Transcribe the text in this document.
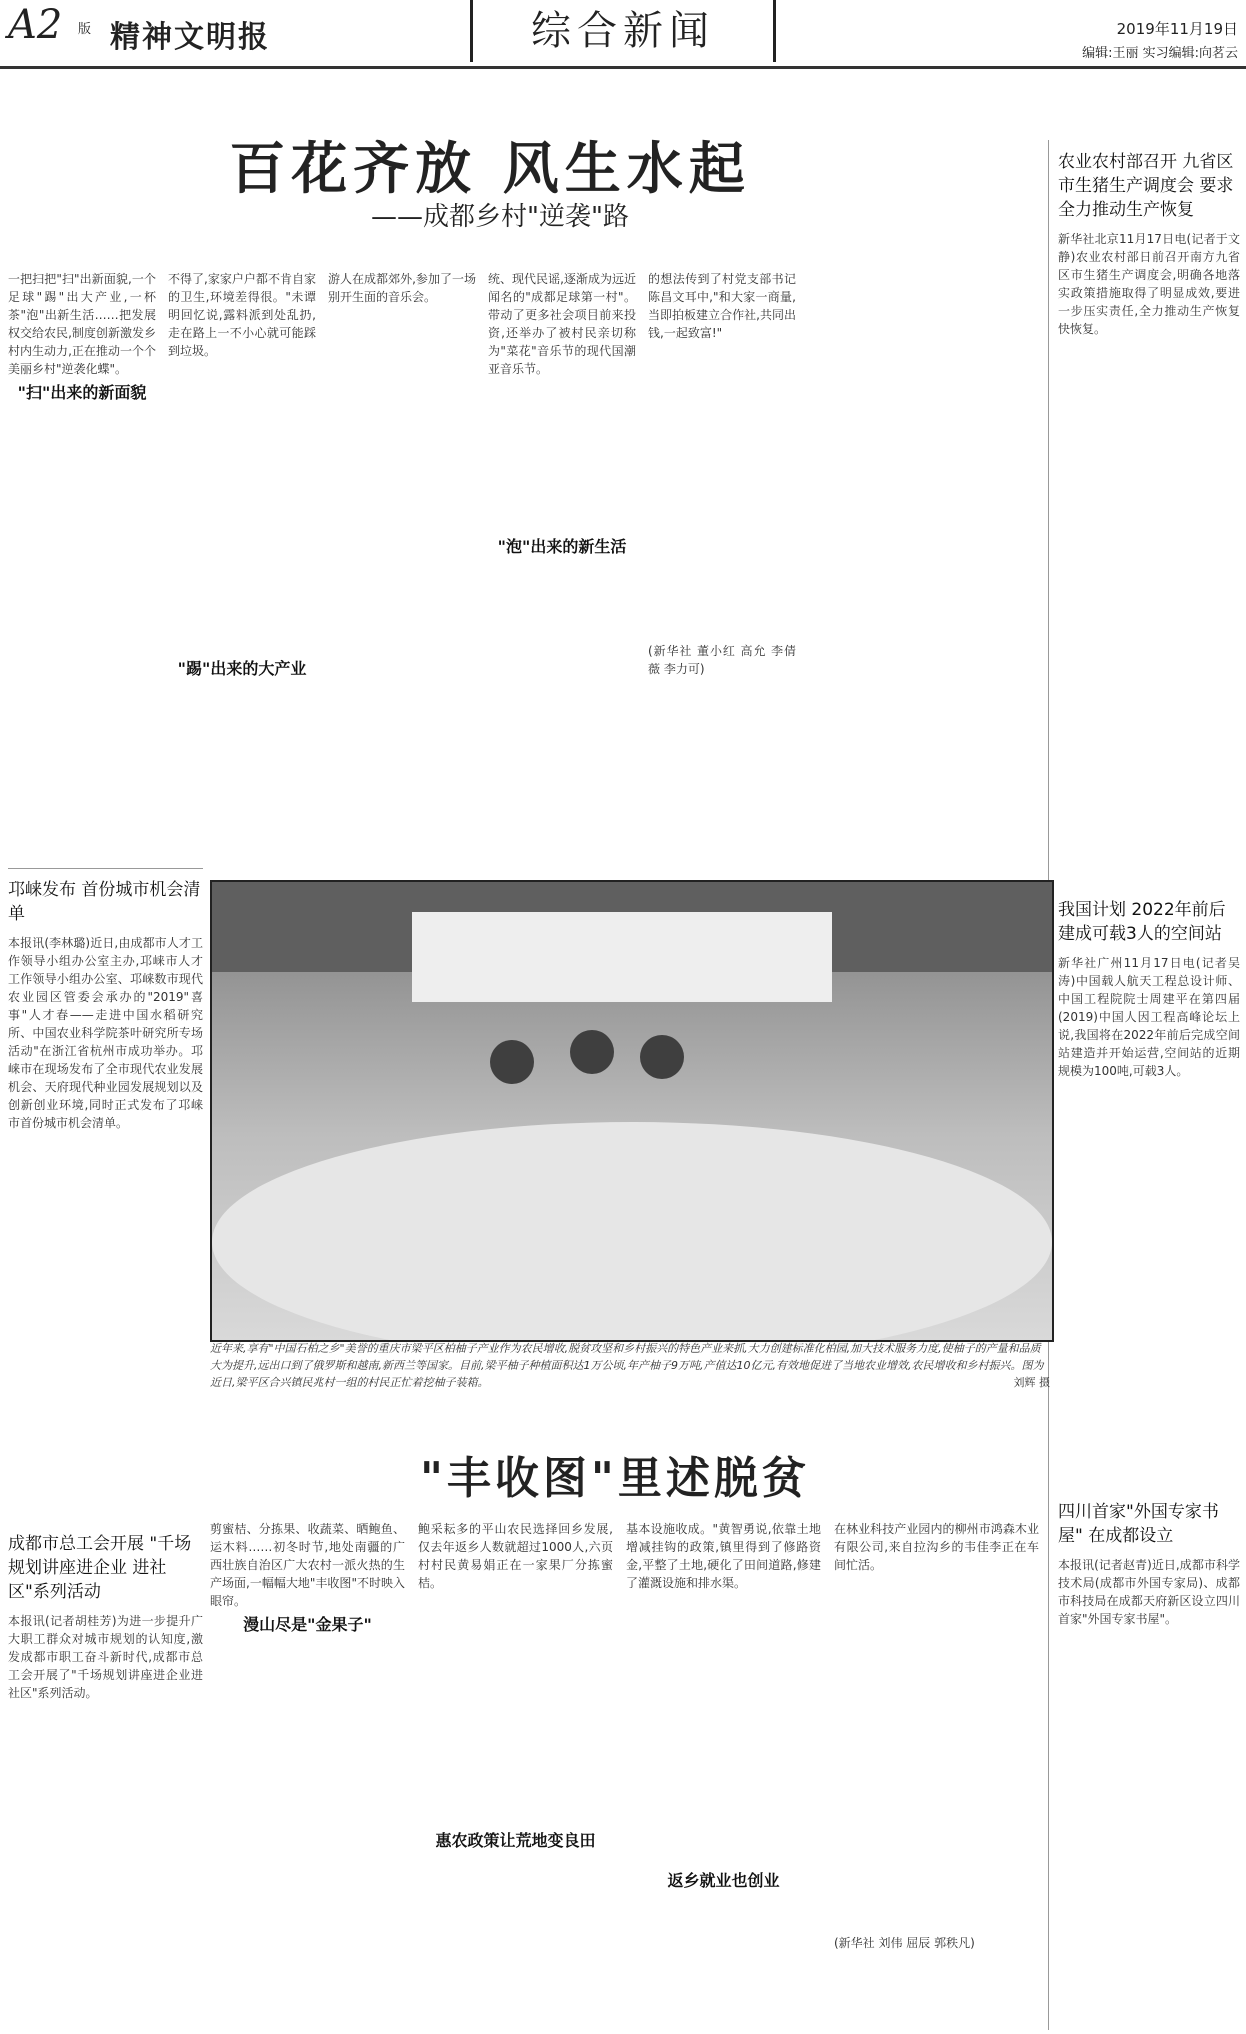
A2 版 精神文明报	综合新闻	2019年11月19日
编辑:王丽 实习编辑:向茗云
百花齐放 风生水起
——成都乡村"逆袭"路

一把扫把"扫"出新面貌,一个足球"踢"出大产业,一杯茶"泡"出新生活……把发展权交给农民,制度创新激发乡村内生动力,正在推动一个个美丽乡村"逆袭化蝶"。

"扫"出来的新面貌

不得了,家家户户都不肯自家的卫生,环境差得很。"未谭明回忆说,露料派到处乱扔,走在路上一不小心就可能踩到垃圾。

"踢"出来的大产业

游人在成都郊外,参加了一场别开生面的音乐会。

统、现代民谣,逐渐成为远近闻名的"成都足球第一村"。带动了更多社会项目前来投资,还举办了被村民亲切称为"菜花"音乐节的现代国潮亚音乐节。

"泡"出来的新生活

的想法传到了村党支部书记陈昌文耳中,"和大家一商量,当即拍板建立合作社,共同出钱,一起致富!"

(新华社 董小红 高允 李倩薇 李力可)

邛崃发布 首份城市机会清单
本报讯(李林璐)近日,由成都市人才工作领导小组办公室主办,邛崃市人才工作领导小组办公室、邛崃数市现代农业园区管委会承办的"2019"喜事"人才春——走进中国水稻研究所、中国农业科学院茶叶研究所专场活动"在浙江省杭州市成功举办。邛崃市在现场发布了全市现代农业发展机会、天府现代种业园发展规划以及创新创业环境,同时正式发布了邛崃市首份城市机会清单。
成都市总工会开展 "千场规划讲座进企业 进社区"系列活动
本报讯(记者胡桂芳)为进一步提升广大职工群众对城市规划的认知度,激发成都市职工奋斗新时代,成都市总工会开展了"千场规划讲座进企业进社区"系列活动。
近年来,享有"中国石柏之乡"美誉的重庆市梁平区柏柚子产业作为农民增收,脱贫攻坚和乡村振兴的特色产业来抓,大力创建标准化柏园,加大技术服务力度,使柚子的产量和品质大为提升,远出口到了俄罗斯和越南,新西兰等国家。目前,梁平柚子种植面积达1万公顷,年产柚子9万吨,产值达10亿元,有效地促进了当地农业增效,农民增收和乡村振兴。图为近日,梁平区合兴镇民兆村一组的村民正忙着挖柚子装箱。	刘辉 摄
"丰收图"里述脱贫

剪蜜桔、分拣果、收蔬菜、晒鲍鱼、运木料……初冬时节,地处南疆的广西壮族自治区广大农村一派火热的生产场面,一幅幅大地"丰收图"不时映入眼帘。

漫山尽是"金果子"

鲍采耘多的平山农民选择回乡发展,仅去年返乡人数就超过1000人,六页村村民黄易娟正在一家果厂分拣蜜桔。

惠农政策让荒地变良田

基本设施收成。"黄智勇说,依靠土地增减挂钩的政策,镇里得到了修路资金,平整了土地,硬化了田间道路,修建了灌溉设施和排水渠。

返乡就业也创业

在林业科技产业园内的柳州市鸿森木业有限公司,来自拉沟乡的韦佳李正在车间忙活。

(新华社 刘伟 屈辰 郭秩凡)

农业农村部召开 九省区市生猪生产调度会 要求全力推动生产恢复
新华社北京11月17日电(记者于文静)农业农村部日前召开南方九省区市生猪生产调度会,明确各地落实政策措施取得了明显成效,要进一步压实责任,全力推动生产恢复快恢复。
我国计划 2022年前后 建成可载3人的空间站
新华社广州11月17日电(记者吴涛)中国载人航天工程总设计师、中国工程院院士周建平在第四届(2019)中国人因工程高峰论坛上说,我国将在2022年前后完成空间站建造并开始运营,空间站的近期规模为100吨,可载3人。
四川首家"外国专家书屋" 在成都设立
本报讯(记者赵青)近日,成都市科学技术局(成都市外国专家局)、成都市科技局在成都天府新区设立四川首家"外国专家书屋"。
